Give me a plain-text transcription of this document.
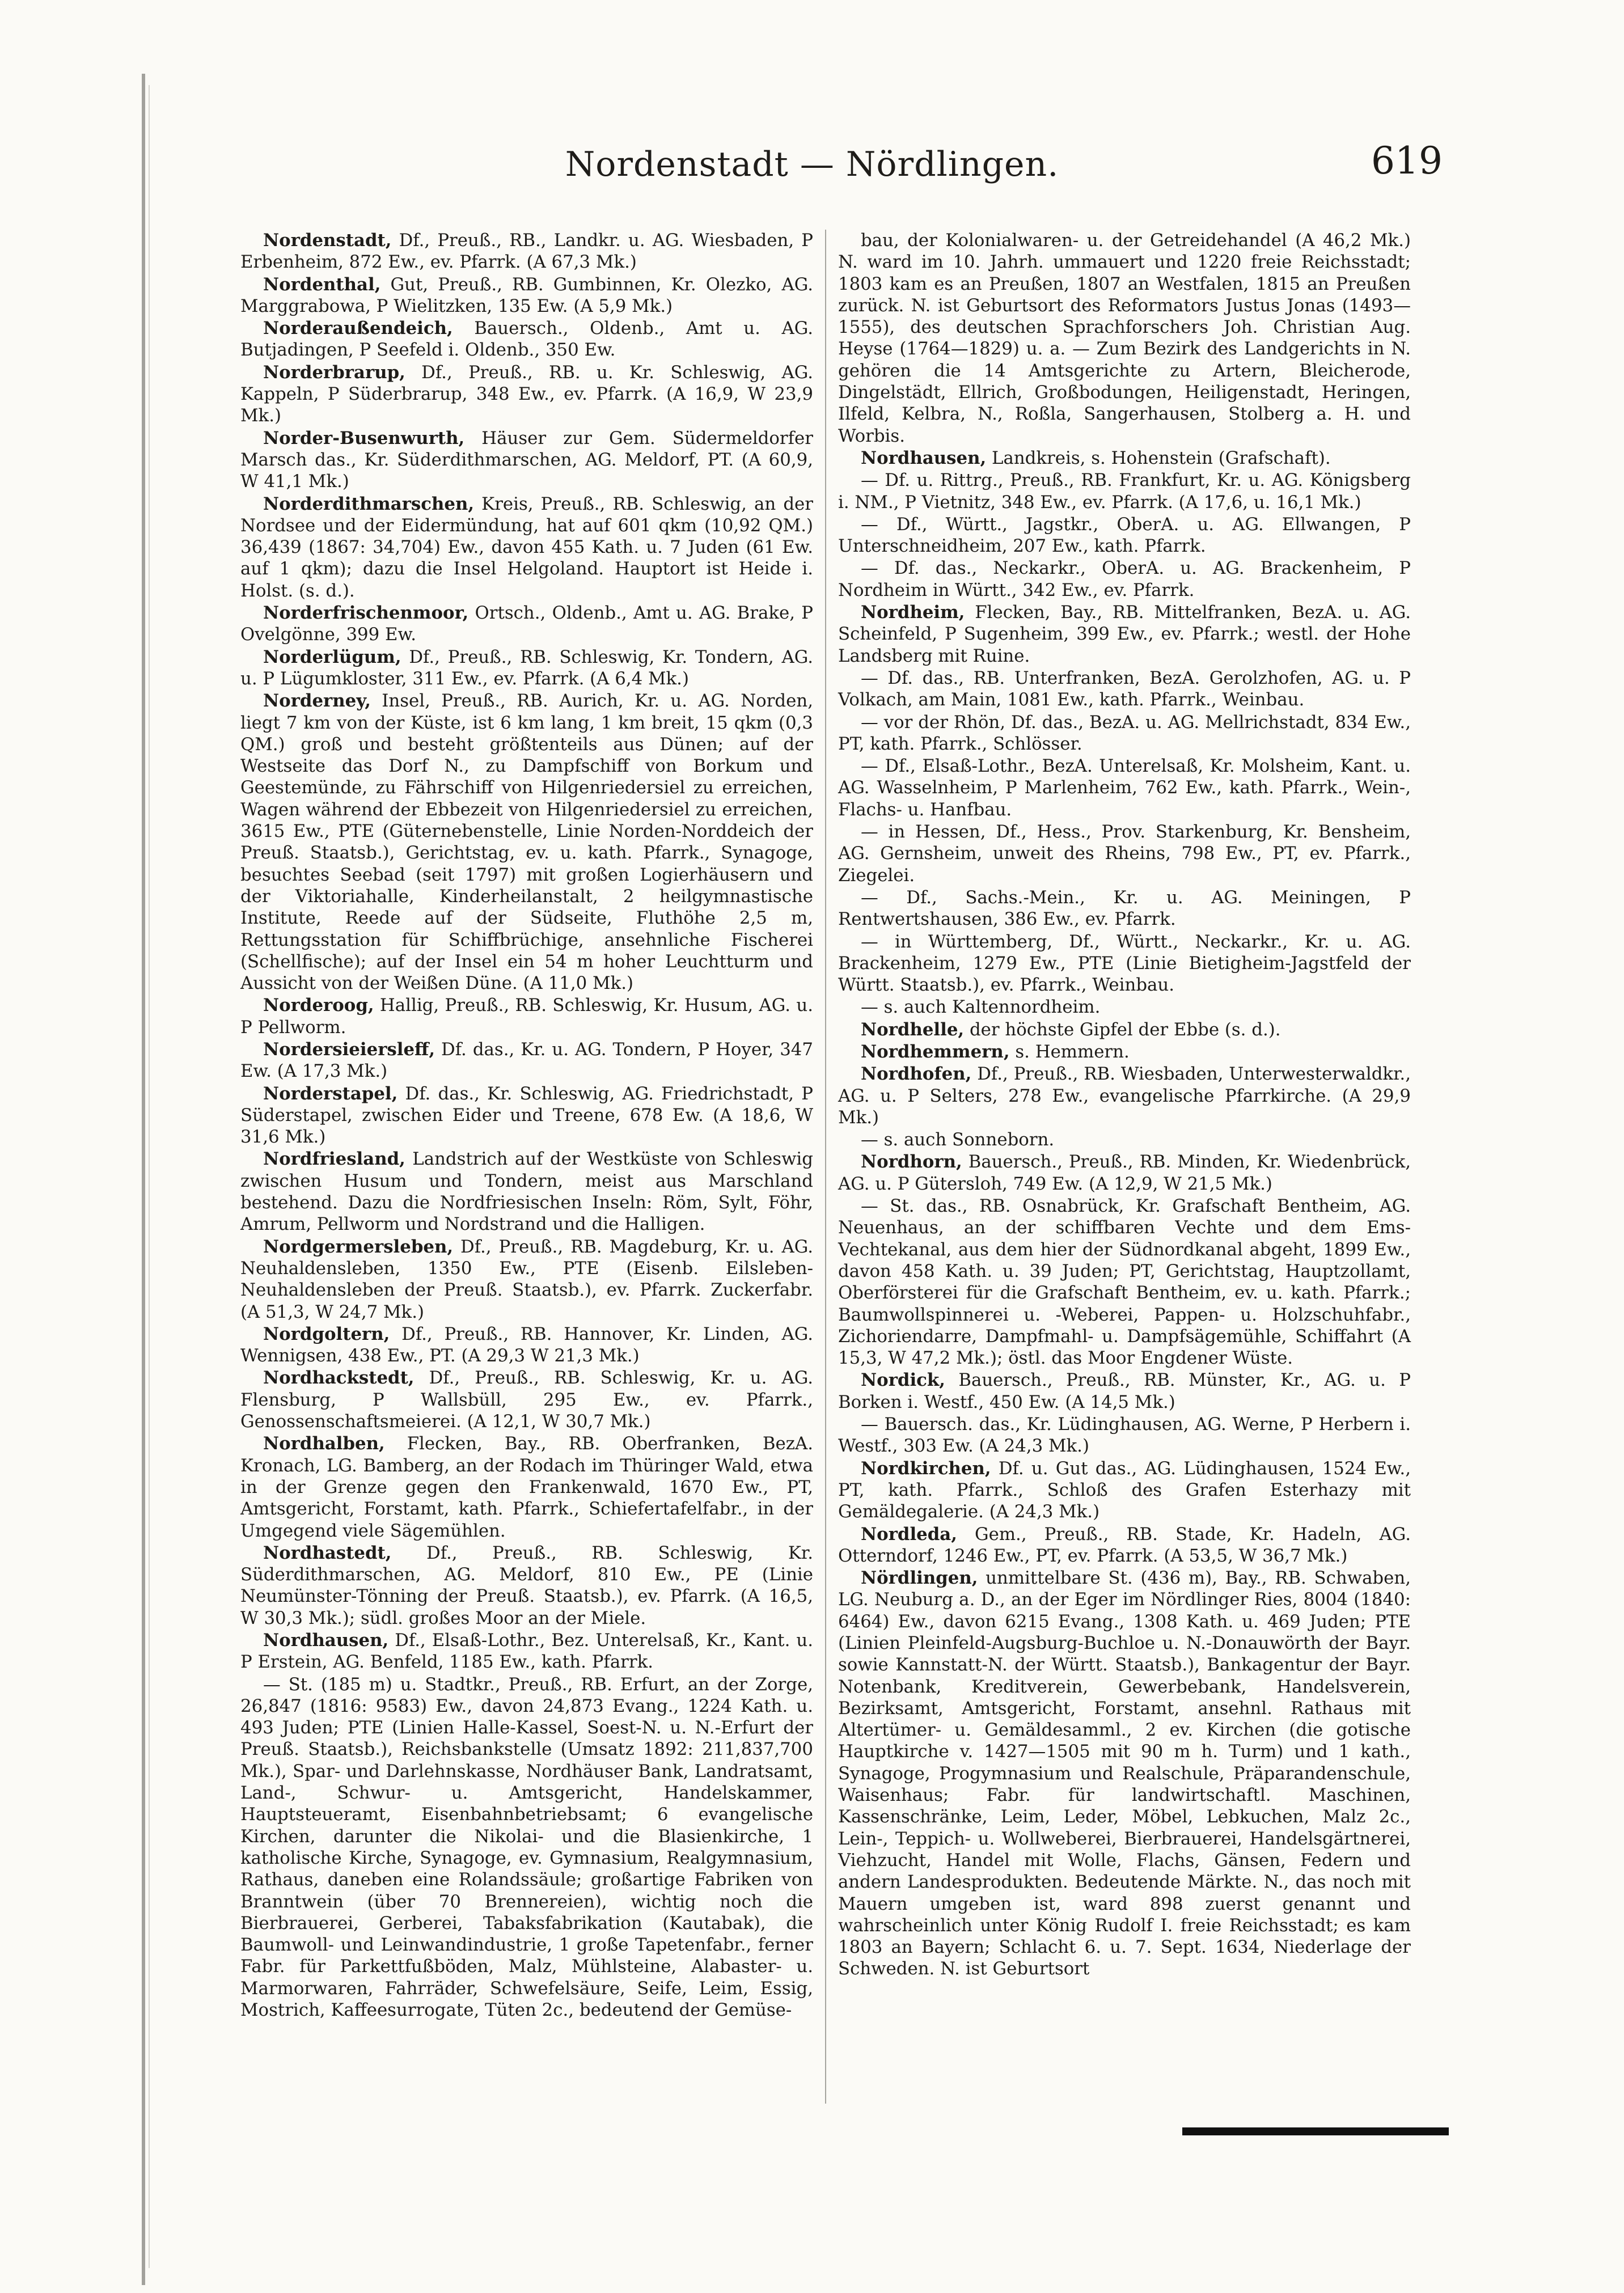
Nordenstadt — Nördlingen.	619

Nordenstadt, Df., Preuß., RB., Landkr. u. AG. Wiesbaden, P Erbenheim, 872 Ew., ev. Pfarrk. (A 67,3 Mk.)

Nordenthal, Gut, Preuß., RB. Gumbinnen, Kr. Olezko, AG. Marggrabowa, P Wielitzken, 135 Ew. (A 5,9 Mk.)

Norderaußendeich, Bauersch., Oldenb., Amt u. AG. Butjadingen, P Seefeld i. Oldenb., 350 Ew.

Norderbrarup, Df., Preuß., RB. u. Kr. Schleswig, AG. Kappeln, P Süderbrarup, 348 Ew., ev. Pfarrk. (A 16,9, W 23,9 Mk.)

Norder-Busenwurth, Häuser zur Gem. Südermeldorfer Marsch das., Kr. Süderdithmarschen, AG. Meldorf, PT. (A 60,9, W 41,1 Mk.)

Norderdithmarschen, Kreis, Preuß., RB. Schleswig, an der Nordsee und der Eidermündung, hat auf 601 qkm (10,92 QM.) 36,439 (1867: 34,704) Ew., davon 455 Kath. u. 7 Juden (61 Ew. auf 1 qkm); dazu die Insel Helgoland. Hauptort ist Heide i. Holst. (s. d.).

Norderfrischenmoor, Ortsch., Oldenb., Amt u. AG. Brake, P Ovelgönne, 399 Ew.

Norderlügum, Df., Preuß., RB. Schleswig, Kr. Tondern, AG. u. P Lügumkloster, 311 Ew., ev. Pfarrk. (A 6,4 Mk.)

Norderney, Insel, Preuß., RB. Aurich, Kr. u. AG. Norden, liegt 7 km von der Küste, ist 6 km lang, 1 km breit, 15 qkm (0,3 QM.) groß und besteht größtenteils aus Dünen; auf der Westseite das Dorf N., zu Dampfschiff von Borkum und Geestemünde, zu Fährschiff von Hilgenriedersiel zu erreichen, Wagen während der Ebbezeit von Hilgenriedersiel zu erreichen, 3615 Ew., PTE (Güternebenstelle, Linie Norden-Norddeich der Preuß. Staatsb.), Gerichtstag, ev. u. kath. Pfarrk., Synagoge, besuchtes Seebad (seit 1797) mit großen Logierhäusern und der Viktoriahalle, Kinderheilanstalt, 2 heilgymnastische Institute, Reede auf der Südseite, Fluthöhe 2,5 m, Rettungsstation für Schiffbrüchige, ansehnliche Fischerei (Schellfische); auf der Insel ein 54 m hoher Leuchtturm und Aussicht von der Weißen Düne. (A 11,0 Mk.)

Norderoog, Hallig, Preuß., RB. Schleswig, Kr. Husum, AG. u. P Pellworm.

Nordersieiersleff, Df. das., Kr. u. AG. Tondern, P Hoyer, 347 Ew. (A 17,3 Mk.)

Norderstapel, Df. das., Kr. Schleswig, AG. Friedrichstadt, P Süderstapel, zwischen Eider und Treene, 678 Ew. (A 18,6, W 31,6 Mk.)

Nordfriesland, Landstrich auf der Westküste von Schleswig zwischen Husum und Tondern, meist aus Marschland bestehend. Dazu die Nordfriesischen Inseln: Röm, Sylt, Föhr, Amrum, Pellworm und Nordstrand und die Halligen.

Nordgermersleben, Df., Preuß., RB. Magdeburg, Kr. u. AG. Neuhaldensleben, 1350 Ew., PTE (Eisenb. Eilsleben-Neuhaldensleben der Preuß. Staatsb.), ev. Pfarrk. Zuckerfabr. (A 51,3, W 24,7 Mk.)

Nordgoltern, Df., Preuß., RB. Hannover, Kr. Linden, AG. Wennigsen, 438 Ew., PT. (A 29,3 W 21,3 Mk.)

Nordhackstedt, Df., Preuß., RB. Schleswig, Kr. u. AG. Flensburg, P Wallsbüll, 295 Ew., ev. Pfarrk., Genossenschaftsmeierei. (A 12,1, W 30,7 Mk.)

Nordhalben, Flecken, Bay., RB. Oberfranken, BezA. Kronach, LG. Bamberg, an der Rodach im Thüringer Wald, etwa in der Grenze gegen den Frankenwald, 1670 Ew., PT, Amtsgericht, Forstamt, kath. Pfarrk., Schiefertafelfabr., in der Umgegend viele Sägemühlen.

Nordhastedt, Df., Preuß., RB. Schleswig, Kr. Süderdithmarschen, AG. Meldorf, 810 Ew., PE (Linie Neumünster-Tönning der Preuß. Staatsb.), ev. Pfarrk. (A 16,5, W 30,3 Mk.); südl. großes Moor an der Miele.

Nordhausen, Df., Elsaß-Lothr., Bez. Unterelsaß, Kr., Kant. u. P Erstein, AG. Benfeld, 1185 Ew., kath. Pfarrk.

— St. (185 m) u. Stadtkr., Preuß., RB. Erfurt, an der Zorge, 26,847 (1816: 9583) Ew., davon 24,873 Evang., 1224 Kath. u. 493 Juden; PTE (Linien Halle-Kassel, Soest-N. u. N.-Erfurt der Preuß. Staatsb.), Reichsbankstelle (Umsatz 1892: 211,837,700 Mk.), Spar- und Darlehnskasse, Nordhäuser Bank, Landratsamt, Land-, Schwur- u. Amtsgericht, Handelskammer, Hauptsteueramt, Eisenbahnbetriebsamt; 6 evangelische Kirchen, darunter die Nikolai- und die Blasienkirche, 1 katholische Kirche, Synagoge, ev. Gymnasium, Realgymnasium, Rathaus, daneben eine Rolandssäule; großartige Fabriken von Branntwein (über 70 Brennereien), wichtig noch die Bierbrauerei, Gerberei, Tabaksfabrikation (Kautabak), die Baumwoll- und Leinwandindustrie, 1 große Tapetenfabr., ferner Fabr. für Parkettfußböden, Malz, Mühlsteine, Alabaster- u. Marmorwaren, Fahrräder, Schwefelsäure, Seife, Leim, Essig, Mostrich, Kaffeesurrogate, Tüten 2c., bedeutend der Gemüse-

bau, der Kolonialwaren- u. der Getreidehandel (A 46,2 Mk.) N. ward im 10. Jahrh. ummauert und 1220 freie Reichsstadt; 1803 kam es an Preußen, 1807 an Westfalen, 1815 an Preußen zurück. N. ist Geburtsort des Reformators Justus Jonas (1493—1555), des deutschen Sprachforschers Joh. Christian Aug. Heyse (1764—1829) u. a. — Zum Bezirk des Landgerichts in N. gehören die 14 Amtsgerichte zu Artern, Bleicherode, Dingelstädt, Ellrich, Großbodungen, Heiligenstadt, Heringen, Ilfeld, Kelbra, N., Roßla, Sangerhausen, Stolberg a. H. und Worbis.

Nordhausen, Landkreis, s. Hohenstein (Grafschaft).

— Df. u. Rittrg., Preuß., RB. Frankfurt, Kr. u. AG. Königsberg i. NM., P Vietnitz, 348 Ew., ev. Pfarrk. (A 17,6, u. 16,1 Mk.)

— Df., Württ., Jagstkr., OberA. u. AG. Ellwangen, P Unterschneidheim, 207 Ew., kath. Pfarrk.

— Df. das., Neckarkr., OberA. u. AG. Brackenheim, P Nordheim in Württ., 342 Ew., ev. Pfarrk.

Nordheim, Flecken, Bay., RB. Mittelfranken, BezA. u. AG. Scheinfeld, P Sugenheim, 399 Ew., ev. Pfarrk.; westl. der Hohe Landsberg mit Ruine.

— Df. das., RB. Unterfranken, BezA. Gerolzhofen, AG. u. P Volkach, am Main, 1081 Ew., kath. Pfarrk., Weinbau.

— vor der Rhön, Df. das., BezA. u. AG. Mellrichstadt, 834 Ew., PT, kath. Pfarrk., Schlösser.

— Df., Elsaß-Lothr., BezA. Unterelsaß, Kr. Molsheim, Kant. u. AG. Wasselnheim, P Marlenheim, 762 Ew., kath. Pfarrk., Wein-, Flachs- u. Hanfbau.

— in Hessen, Df., Hess., Prov. Starkenburg, Kr. Bensheim, AG. Gernsheim, unweit des Rheins, 798 Ew., PT, ev. Pfarrk., Ziegelei.

— Df., Sachs.-Mein., Kr. u. AG. Meiningen, P Rentwertshausen, 386 Ew., ev. Pfarrk.

— in Württemberg, Df., Württ., Neckarkr., Kr. u. AG. Brackenheim, 1279 Ew., PTE (Linie Bietigheim-Jagstfeld der Württ. Staatsb.), ev. Pfarrk., Weinbau.

— s. auch Kaltennordheim.

Nordhelle, der höchste Gipfel der Ebbe (s. d.).

Nordhemmern, s. Hemmern.

Nordhofen, Df., Preuß., RB. Wiesbaden, Unterwesterwaldkr., AG. u. P Selters, 278 Ew., evangelische Pfarrkirche. (A 29,9 Mk.)

— s. auch Sonneborn.

Nordhorn, Bauersch., Preuß., RB. Minden, Kr. Wiedenbrück, AG. u. P Gütersloh, 749 Ew. (A 12,9, W 21,5 Mk.)

— St. das., RB. Osnabrück, Kr. Grafschaft Bentheim, AG. Neuenhaus, an der schiffbaren Vechte und dem Ems-Vechtekanal, aus dem hier der Südnordkanal abgeht, 1899 Ew., davon 458 Kath. u. 39 Juden; PT, Gerichtstag, Hauptzollamt, Oberförsterei für die Grafschaft Bentheim, ev. u. kath. Pfarrk.; Baumwollspinnerei u. -Weberei, Pappen- u. Holzschuhfabr., Zichoriendarre, Dampfmahl- u. Dampfsägemühle, Schiffahrt (A 15,3, W 47,2 Mk.); östl. das Moor Engdener Wüste.

Nordick, Bauersch., Preuß., RB. Münster, Kr., AG. u. P Borken i. Westf., 450 Ew. (A 14,5 Mk.)

— Bauersch. das., Kr. Lüdinghausen, AG. Werne, P Herbern i. Westf., 303 Ew. (A 24,3 Mk.)

Nordkirchen, Df. u. Gut das., AG. Lüdinghausen, 1524 Ew., PT, kath. Pfarrk., Schloß des Grafen Esterhazy mit Gemäldegalerie. (A 24,3 Mk.)

Nordleda, Gem., Preuß., RB. Stade, Kr. Hadeln, AG. Otterndorf, 1246 Ew., PT, ev. Pfarrk. (A 53,5, W 36,7 Mk.)

Nördlingen, unmittelbare St. (436 m), Bay., RB. Schwaben, LG. Neuburg a. D., an der Eger im Nördlinger Ries, 8004 (1840: 6464) Ew., davon 6215 Evang., 1308 Kath. u. 469 Juden; PTE (Linien Pleinfeld-Augsburg-Buchloe u. N.-Donauwörth der Bayr. sowie Kannstatt-N. der Württ. Staatsb.), Bankagentur der Bayr. Notenbank, Kreditverein, Gewerbebank, Handelsverein, Bezirksamt, Amtsgericht, Forstamt, ansehnl. Rathaus mit Altertümer- u. Gemäldesamml., 2 ev. Kirchen (die gotische Hauptkirche v. 1427—1505 mit 90 m h. Turm) und 1 kath., Synagoge, Progymnasium und Realschule, Präparandenschule, Waisenhaus; Fabr. für landwirtschaftl. Maschinen, Kassenschränke, Leim, Leder, Möbel, Lebkuchen, Malz 2c., Lein-, Teppich- u. Wollweberei, Bierbrauerei, Handelsgärtnerei, Viehzucht, Handel mit Wolle, Flachs, Gänsen, Federn und andern Landesprodukten. Bedeutende Märkte. N., das noch mit Mauern umgeben ist, ward 898 zuerst genannt und wahrscheinlich unter König Rudolf I. freie Reichsstadt; es kam 1803 an Bayern; Schlacht 6. u. 7. Sept. 1634, Niederlage der Schweden. N. ist Geburtsort
